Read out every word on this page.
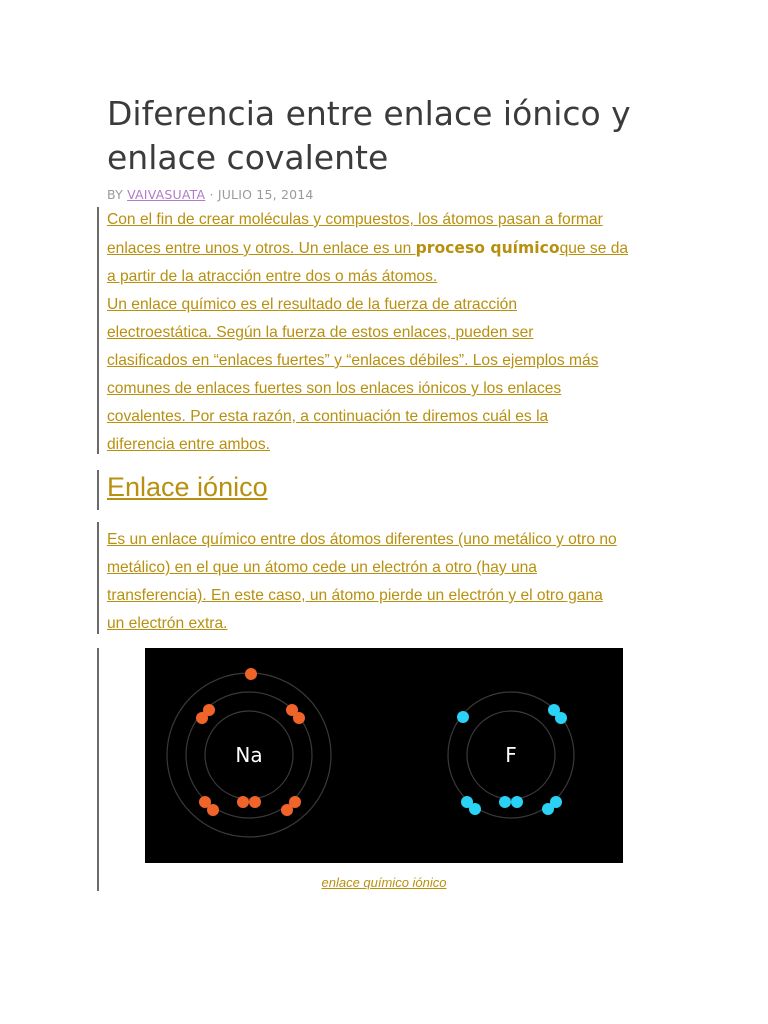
Diferencia entre enlace iónico y
enlace covalente
BY VAIVASUATA · JULIO 15, 2014
Con el fin de crear moléculas y compuestos, los átomos pasan a formar
enlaces entre unos y otros. Un enlace es un proceso químicoque se da
a partir de la atracción entre dos o más átomos.
Un enlace químico es el resultado de la fuerza de atracción
electroestática. Según la fuerza de estos enlaces, pueden ser
clasificados en “enlaces fuertes” y “enlaces débiles”. Los ejemplos más
comunes de enlaces fuertes son los enlaces iónicos y los enlaces
covalentes. Por esta razón, a continuación te diremos cuál es la
diferencia entre ambos.
Enlace iónico
Es un enlace químico entre dos átomos diferentes (uno metálico y otro no
metálico) en el que un átomo cede un electrón a otro (hay una
transferencia). En este caso, un átomo pierde un electrón y el otro gana
un electrón extra.
Na	F
enlace químico iónico
